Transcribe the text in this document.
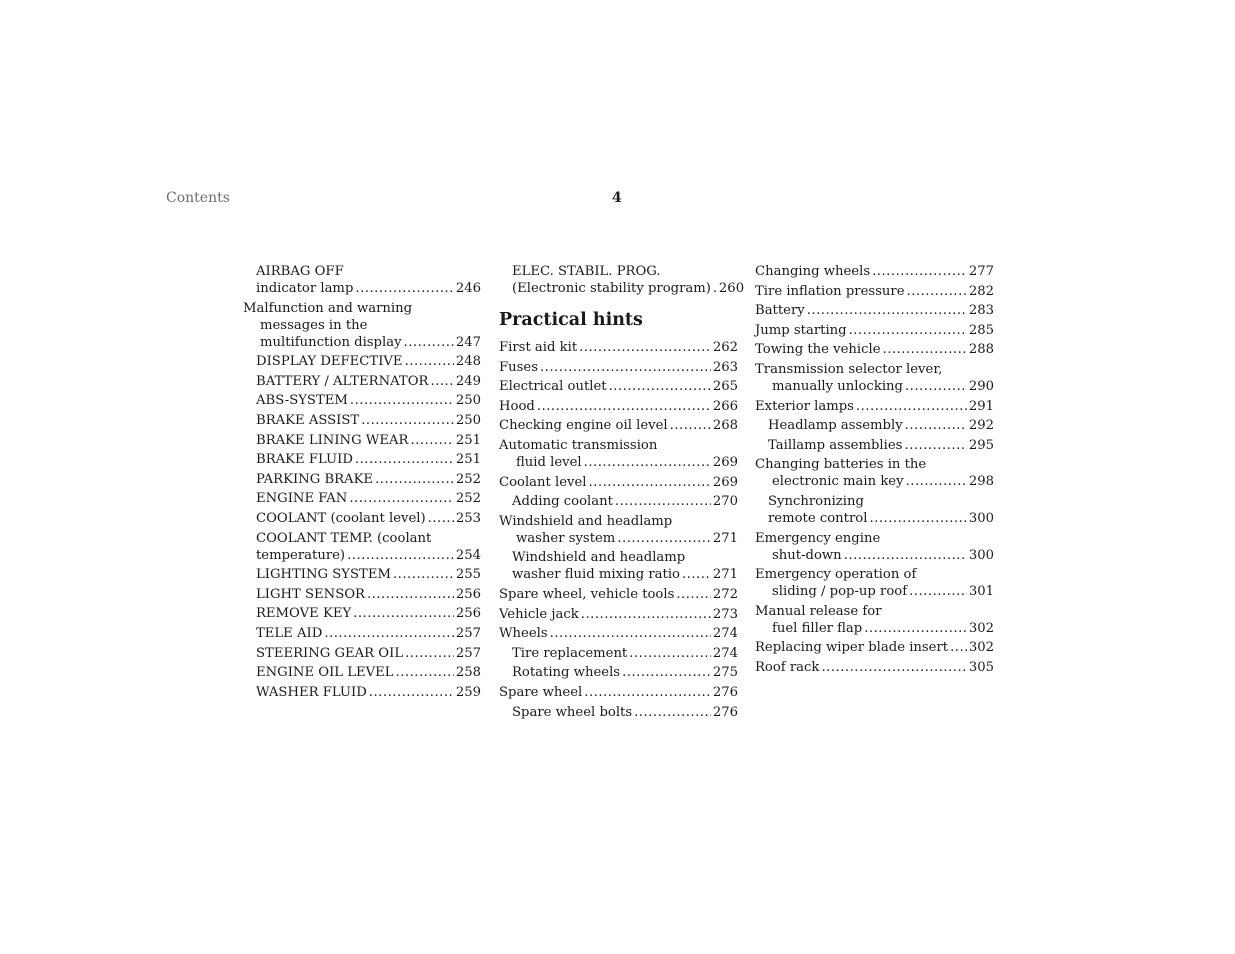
Contents	4
AIRBAG OFF
indicator lamp .....	246
Malfunction and warning
messages in the
multifunction display .....	247
DISPLAY DEFECTIVE .....	248
BATTERY / ALTERNATOR ..... 249
ABS-SYSTEM .....	250
BRAKE ASSIST .....	250
BRAKE LINING WEAR .....	251
BRAKE FLUID .....	251
PARKING BRAKE .....	252
ENGINE FAN .....	252
COOLANT (coolant level) ..... 253
COOLANT TEMP. (coolant
temperature) .....	254
LIGHTING SYSTEM .....	255
LIGHT SENSOR .....	256
REMOVE KEY .....	256
TELE AID .....	257
STEERING GEAR OIL .....	257
ENGINE OIL LEVEL .....	258
WASHER FLUID .....	259
ELEC. STABIL. PROG.
(Electronic stability program) ..... 260
Practical hints
First aid kit .....	262
Fuses .....	263
Electrical outlet .....	265
Hood .....	266
Checking engine oil level .....	268
Automatic transmission
fluid level .....	269
Coolant level .....	269
Adding coolant .....	270
Windshield and headlamp
washer system .....	271
Windshield and headlamp
washer fluid mixing ratio ..... 271
Spare wheel, vehicle tools .....	272
Vehicle jack .....	273
Wheels .....	274
Tire replacement .....	274
Rotating wheels .....	275
Spare wheel .....	276
Spare wheel bolts .....	276
Changing wheels .....	277
Tire inflation pressure .....	282
Battery .....	283
Jump starting .....	285
Towing the vehicle .....	288
Transmission selector lever,
manually unlocking .....	290
Exterior lamps .....	291
Headlamp assembly .....	292
Taillamp assemblies .....	295
Changing batteries in the
electronic main key .....	298
Synchronizing
remote control .....	300
Emergency engine
shut-down .....	300
Emergency operation of
sliding / pop-up roof .....	301
Manual release for
fuel filler flap .....	302
Replacing wiper blade insert ..... 302
Roof rack .....	305
